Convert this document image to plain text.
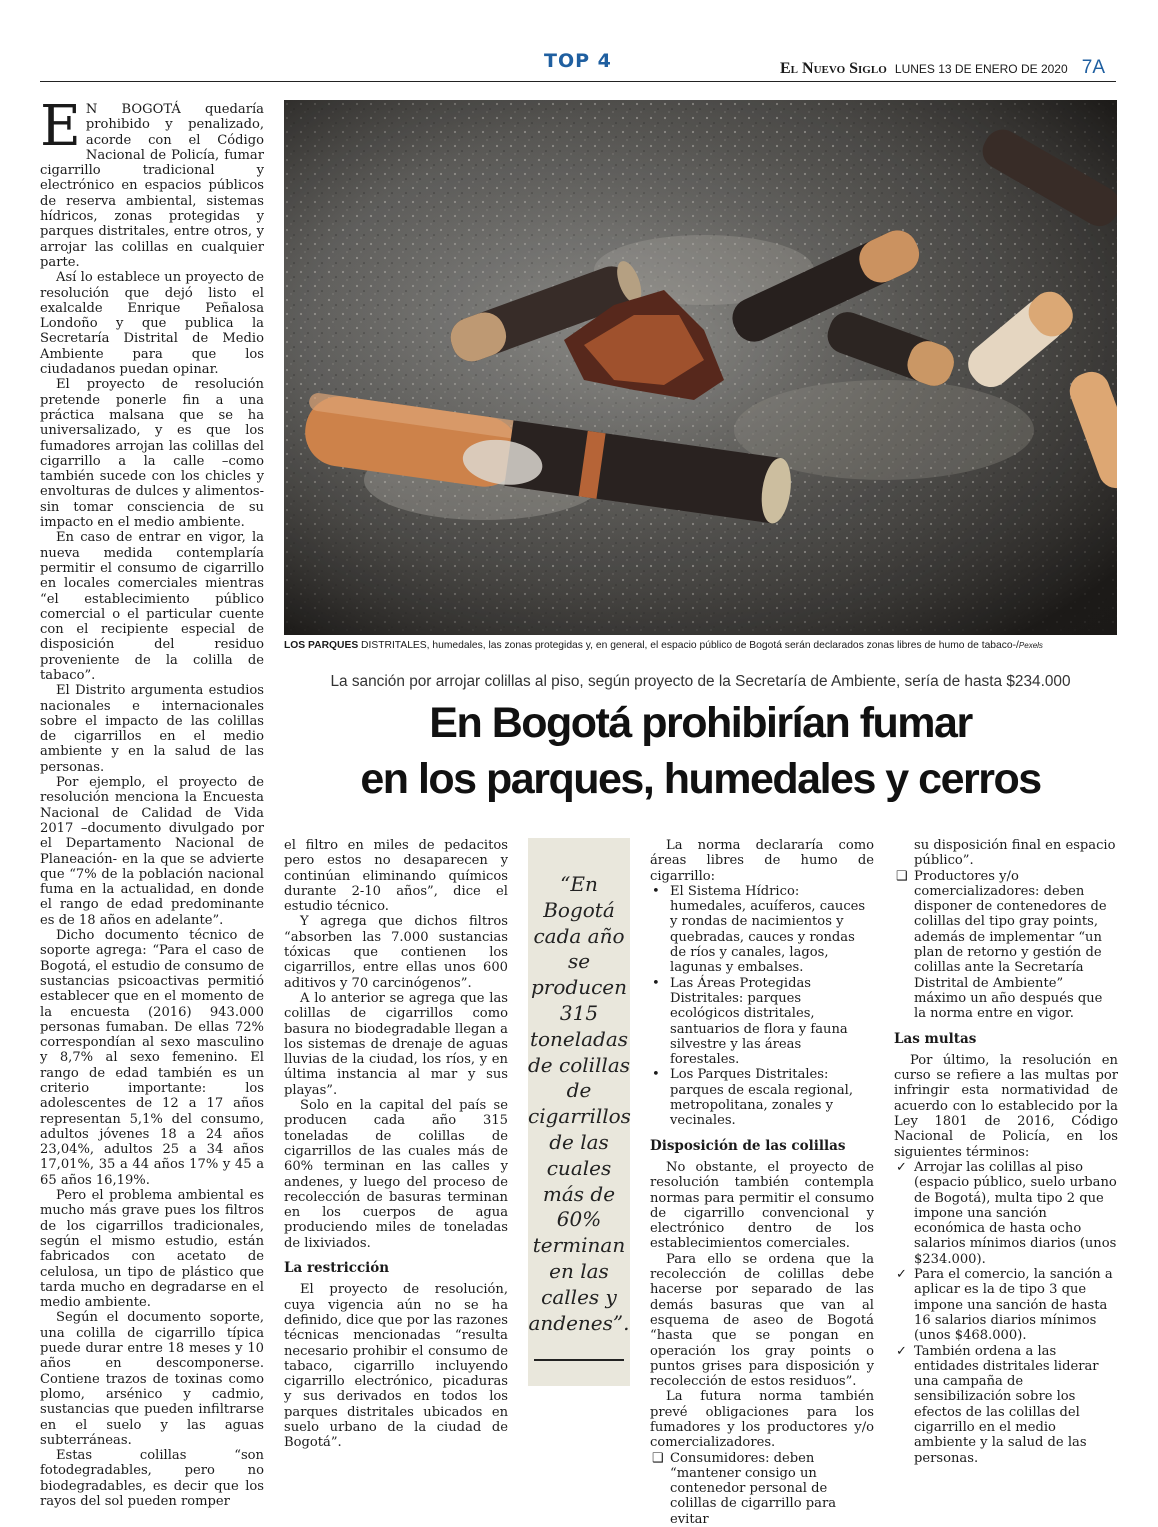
TOP 4	El Nuevo Siglo LUNES 13 DE ENERO DE 2020 7A

E N BOGOTÁ quedaría prohibido y penalizado, acorde con el Código Nacional de Policía, fumar cigarrillo tradicional y electrónico en espacios públicos de reserva ambiental, sistemas hídricos, zonas protegidas y parques distritales, entre otros, y arrojar las colillas en cualquier parte.

Así lo establece un proyecto de resolución que dejó listo el exalcalde Enrique Peñalosa Londoño y que publica la Secretaría Distrital de Medio Ambiente para que los ciudadanos puedan opinar.

El proyecto de resolución pretende ponerle fin a una práctica malsana que se ha universalizado, y es que los fumadores arrojan las colillas del cigarrillo a la calle –como también sucede con los chicles y envolturas de dulces y alimentos- sin tomar consciencia de su impacto en el medio ambiente.

En caso de entrar en vigor, la nueva medida contemplaría permitir el consumo de cigarrillo en locales comerciales mientras “el establecimiento público comercial o el particular cuente con el recipiente especial de disposición del residuo proveniente de la colilla de tabaco”.

El Distrito argumenta estudios nacionales e internacionales sobre el impacto de las colillas de cigarrillos en el medio ambiente y en la salud de las personas.

Por ejemplo, el proyecto de resolución menciona la Encuesta Nacional de Calidad de Vida 2017 –documento divulgado por el Departamento Nacional de Planeación- en la que se advierte que “7% de la población nacional fuma en la actualidad, en donde el rango de edad predominante es de 18 años en adelante”.

Dicho documento técnico de soporte agrega: “Para el caso de Bogotá, el estudio de consumo de sustancias psicoactivas permitió establecer que en el momento de la encuesta (2016) 943.000 personas fumaban. De ellas 72% correspondían al sexo masculino y 8,7% al sexo femenino. El rango de edad también es un criterio importante: los adolescentes de 12 a 17 años representan 5,1% del consumo, adultos jóvenes 18 a 24 años 23,04%, adultos 25 a 34 años 17,01%, 35 a 44 años 17% y 45 a 65 años 16,19%.

Pero el problema ambiental es mucho más grave pues los filtros de los cigarrillos tradicionales, según el mismo estudio, están fabricados con acetato de celulosa, un tipo de plástico que tarda mucho en degradarse en el medio ambiente.

Según el documento soporte, una colilla de cigarrillo típica puede durar entre 18 meses y 10 años en descomponerse. Contiene trazos de toxinas como plomo, arsénico y cadmio, sustancias que pueden infiltrarse en el suelo y las aguas subterráneas.

Estas colillas “son fotodegradables, pero no biodegradables, es decir que los rayos del sol pueden romper

LOS PARQUES DISTRITALES, humedales, las zonas protegidas y, en general, el espacio público de Bogotá serán declarados zonas libres de humo de tabaco-/Pexels
La sanción por arrojar colillas al piso, según proyecto de la Secretaría de Ambiente, sería de hasta $234.000
En Bogotá prohibirían fumar
en los parques, humedales y cerros

el filtro en miles de pedacitos pero estos no desaparecen y continúan eliminando químicos durante 2-10 años”, dice el estudio técnico.

Y agrega que dichos filtros “absorben las 7.000 sustancias tóxicas que contienen los cigarrillos, entre ellas unos 600 aditivos y 70 carcinógenos”.

A lo anterior se agrega que las colillas de cigarrillos como basura no biodegradable llegan a los sistemas de drenaje de aguas lluvias de la ciudad, los ríos, y en última instancia al mar y sus playas”.

Solo en la capital del país se producen cada año 315 toneladas de colillas de cigarrillos de las cuales más de 60% terminan en las calles y andenes, y luego del proceso de recolección de basuras terminan en los cuerpos de agua produciendo miles de toneladas de lixiviados.

La restricción

El proyecto de resolución, cuya vigencia aún no se ha definido, dice que por las razones técnicas mencionadas “resulta necesario prohibir el consumo de tabaco, cigarrillo incluyendo cigarrillo electrónico, picaduras y sus derivados en todos los parques distritales ubicados en suelo urbano de la ciudad de Bogotá”.

“En Bogotá cada año se producen 315 toneladas de colillas de cigarrillos de las cuales más de 60% terminan en las calles y andenes”.

La norma declararía como áreas libres de humo de cigarrillo:

• El Sistema Hídrico: humedales, acuíferos, cauces y rondas de nacimientos y quebradas, cauces y rondas de ríos y canales, lagos, lagunas y embalses.
• Las Áreas Protegidas Distritales: parques ecológicos distritales, santuarios de flora y fauna silvestre y las áreas forestales.
• Los Parques Distritales: parques de escala regional, metropolitana, zonales y vecinales.
Disposición de las colillas

No obstante, el proyecto de resolución también contempla normas para permitir el consumo de cigarrillo convencional y electrónico dentro de los establecimientos comerciales.

Para ello se ordena que la recolección de colillas debe hacerse por separado de las demás basuras que van al esquema de aseo de Bogotá “hasta que se pongan en operación los gray points o puntos grises para disposición y recolección de estos residuos”.

La futura norma también prevé obligaciones para los fumadores y los productores y/o comercializadores.

❑ Consumidores: deben “mantener consigo un contenedor personal de colillas de cigarrillo para evitar
su disposición final en espacio público”.
❑ Productores y/o comercializadores: deben disponer de contenedores de colillas del tipo gray points, además de implementar “un plan de retorno y gestión de colillas ante la Secretaría Distrital de Ambiente” máximo un año después que la norma entre en vigor.
Las multas

Por último, la resolución en curso se refiere a las multas por infringir esta normatividad de acuerdo con lo establecido por la Ley 1801 de 2016, Código Nacional de Policía, en los siguientes términos:

✓ Arrojar las colillas al piso (espacio público, suelo urbano de Bogotá), multa tipo 2 que impone una sanción económica de hasta ocho salarios mínimos diarios (unos $234.000).
✓ Para el comercio, la sanción a aplicar es la de tipo 3 que impone una sanción de hasta 16 salarios diarios mínimos (unos $468.000).
✓ También ordena a las entidades distritales liderar una campaña de sensibilización sobre los efectos de las colillas del cigarrillo en el medio ambiente y la salud de las personas.
